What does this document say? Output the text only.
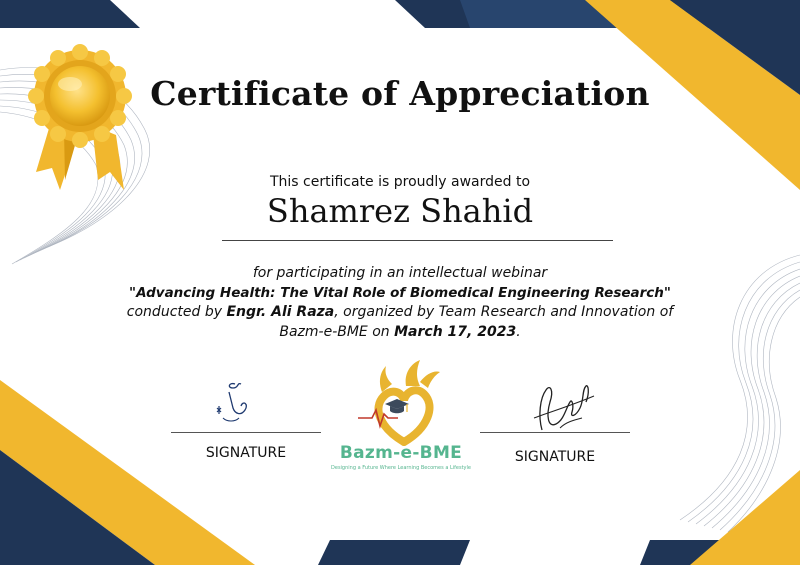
Certificate of Appreciation
This certificate is proudly awarded to
Shamrez Shahid
for participating in an intellectual webinar
"Advancing Health: The Vital Role of Biomedical Engineering Research"
conducted by Engr. Ali Raza, organized by Team Research and Innovation of
Bazm-e-BME on March 17, 2023.
SIGNATURE	SIGNATURE
Bazm-e-BME
Designing a Future Where Learning Becomes a Lifestyle
